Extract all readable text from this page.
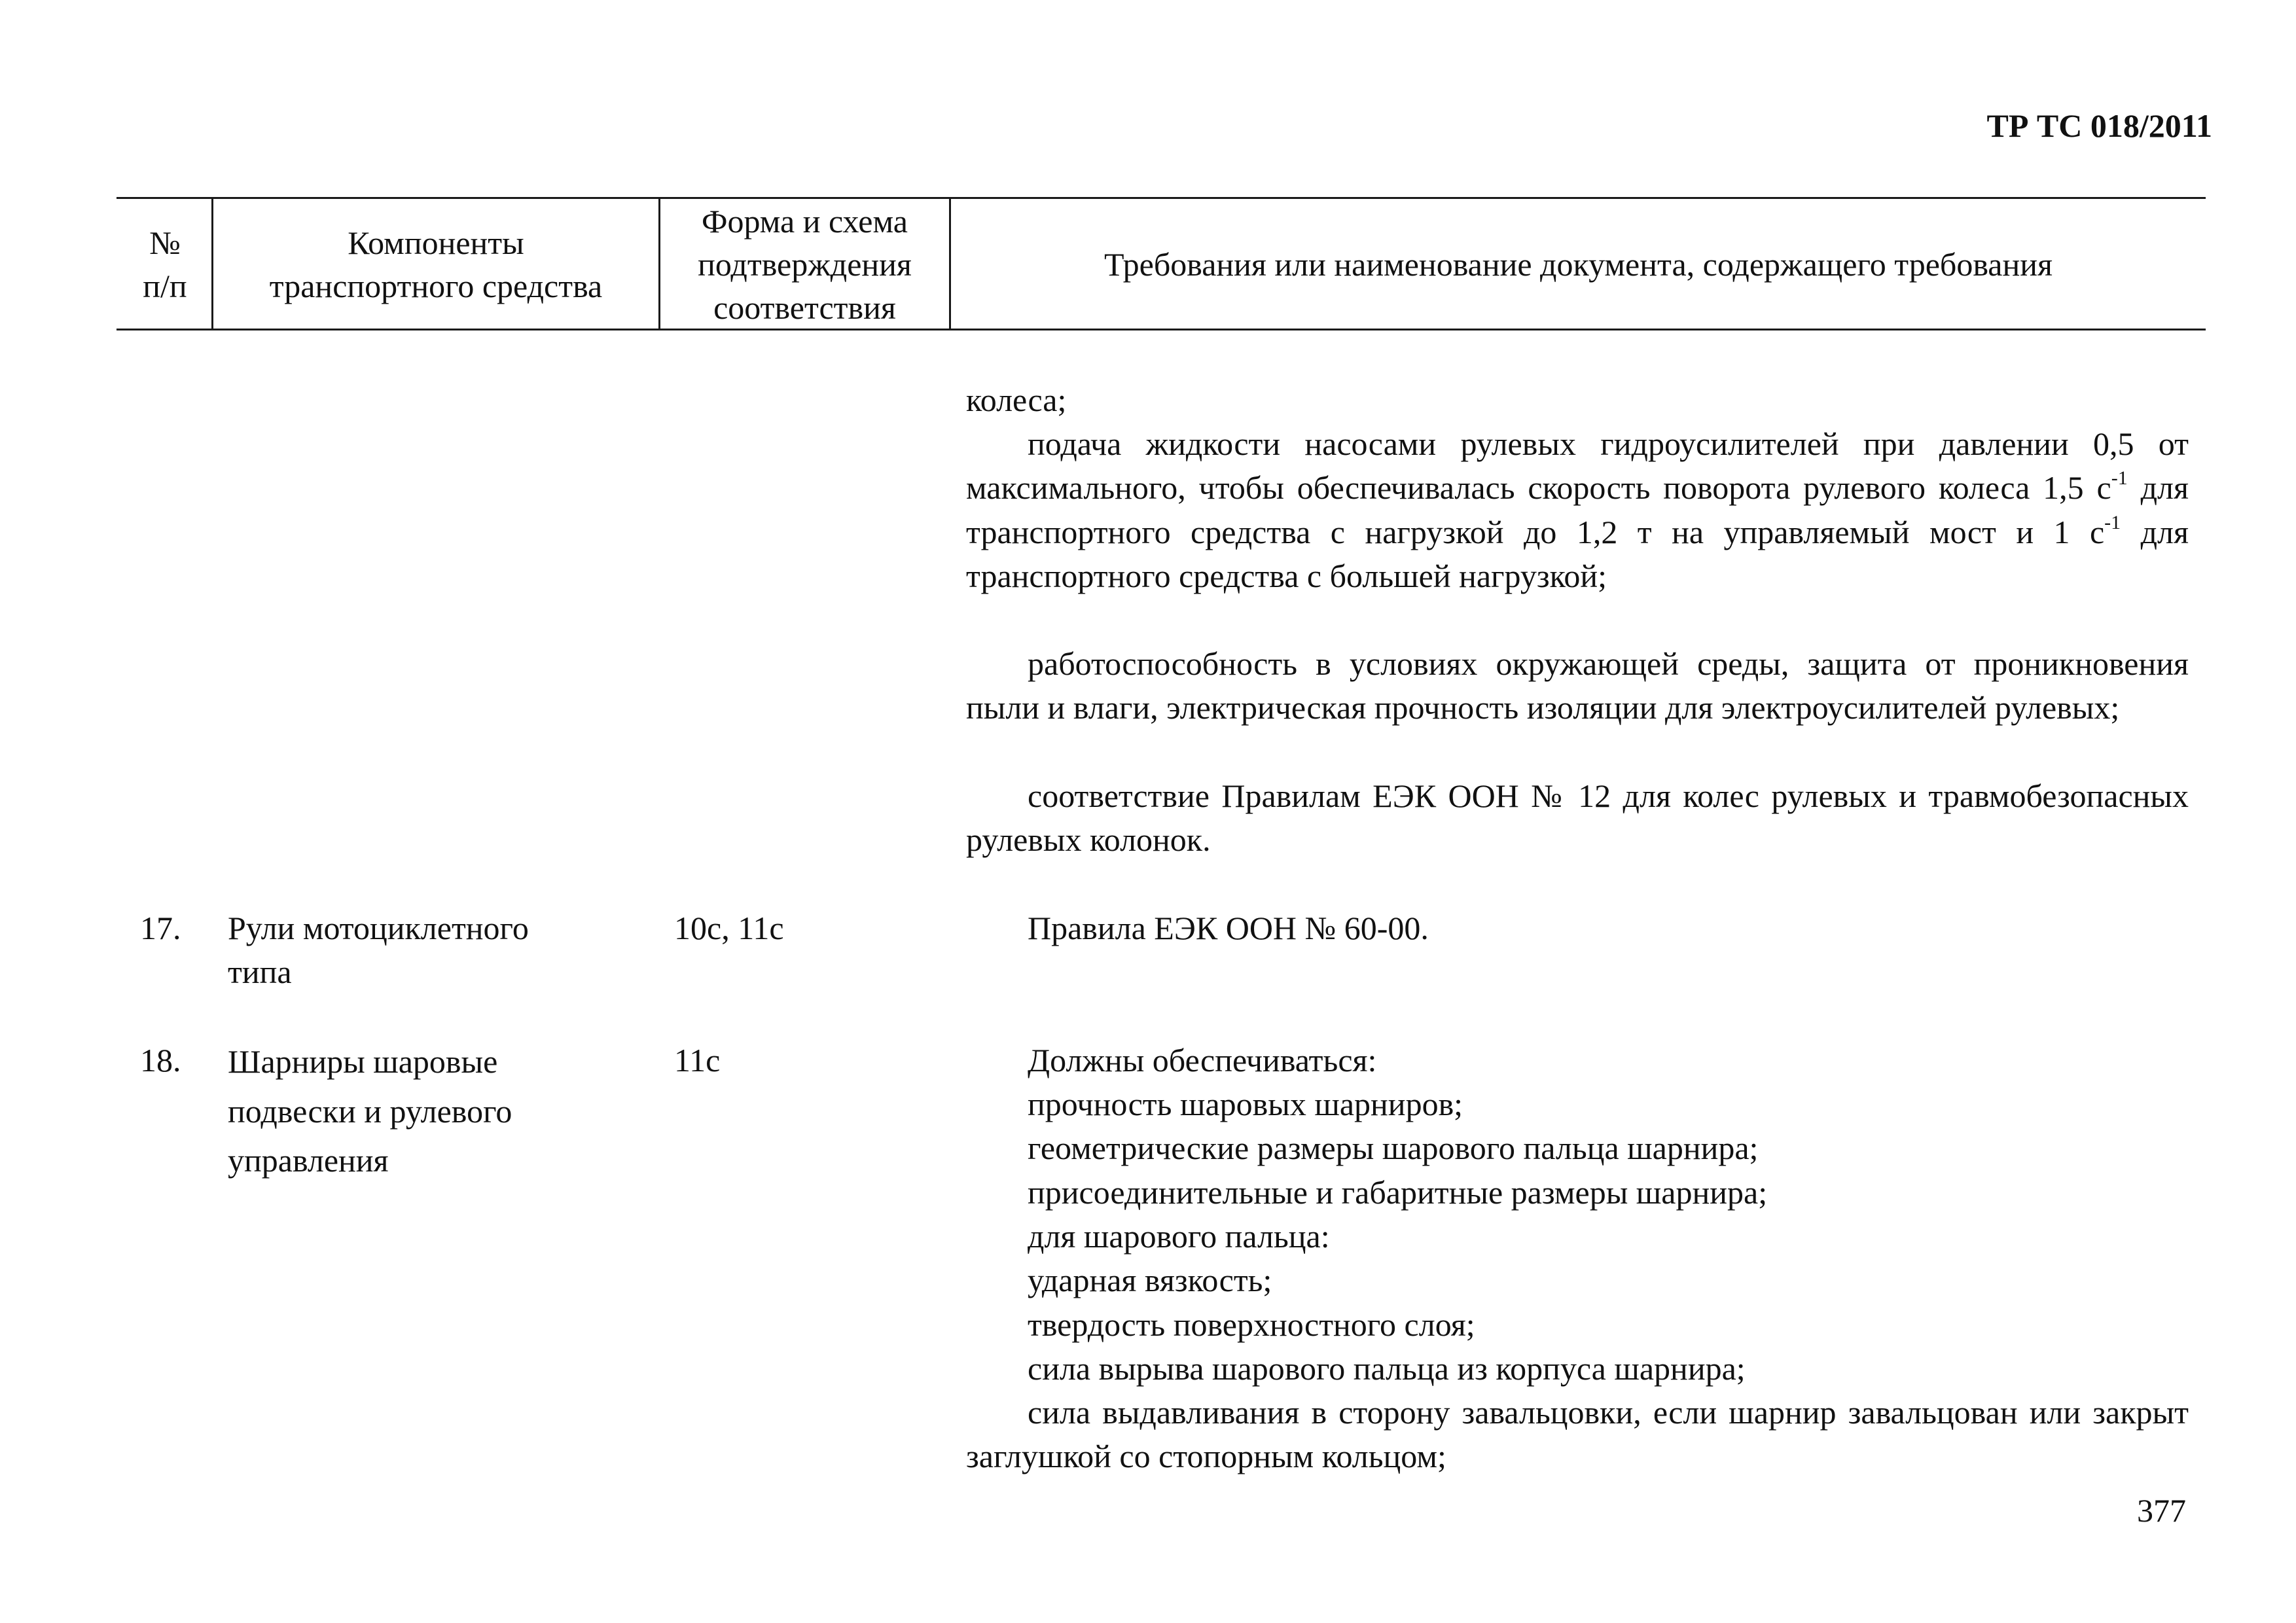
ТР ТС 018/2011
№
п/п
Компоненты
транспортного средства
Форма и схема
подтверждения
соответствия
Требования или наименование документа, содержащего требования
колеса;
подача жидкости насосами рулевых гидроусилителей при давлении 0,5 от максимального, чтобы обеспечивалась скорость поворота рулевого колеса 1,5 $с^{-1}$ для транспортного средства с нагрузкой до 1,2 т на управляемый мост и 1 $с^{-1}$ для транспортного средства с большей нагрузкой;
работоспособность в условиях окружающей среды, защита от проникновения пыли и влаги, электрическая прочность изоляции для электроусилителей рулевых;
соответствие Правилам ЕЭК ООН № 12 для колес рулевых и травмобезопасных рулевых колонок.
17. Рули мотоциклетного
типа
10с, 11с	Правила ЕЭК ООН № 60-00.
18. Шарниры шаровые
подвески и рулевого
управления
11с	Должны обеспечиваться:
прочность шаровых шарниров;
геометрические размеры шарового пальца шарнира;
присоединительные и габаритные размеры шарнира;
для шарового пальца:
ударная вязкость;
твердость поверхностного слоя;
сила вырыва шарового пальца из корпуса шарнира;
сила выдавливания в сторону завальцовки, если шарнир завальцован или закрыт заглушкой со стопорным кольцом;
377
